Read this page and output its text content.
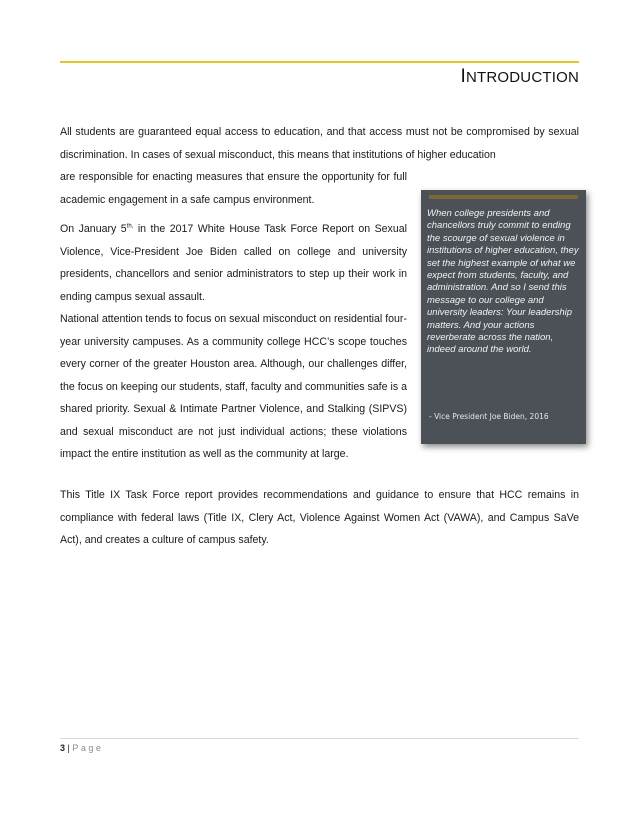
INTRODUCTION

All students are guaranteed equal access to education, and that access must not be compromised by sexual discrimination. In cases of sexual misconduct, this means that institutions of higher education

are responsible for enacting measures that ensure the opportunity for full academic engagement in a safe campus environment.

On January $5^{th,}$ in the 2017 White House Task Force Report on Sexual Violence, Vice-President Joe Biden called on college and university presidents, chancellors and senior administrators to step up their work in ending campus sexual assault.

National attention tends to focus on sexual misconduct on residential four-year university campuses. As a community college HCC’s scope touches every corner of the greater Houston area. Although, our challenges differ, the focus on keeping our students, staff, faculty and communities safe is a shared priority. Sexual & Intimate Partner Violence, and Stalking (SIPVS) and sexual misconduct are not just individual actions; these violations impact the entire institution as well as the community at large.

This Title IX Task Force report provides recommendations and guidance to ensure that HCC remains in compliance with federal laws (Title IX, Clery Act, Violence Against Women Act (VAWA), and Campus SaVe Act), and creates a culture of campus safety.

When college presidents and chancellors truly commit to ending the scourge of sexual violence in institutions of higher education, they set the highest example of what we expect from students, faculty, and administration. And so I send this message to our college and university leaders: Your leadership matters. And your actions reverberate across the nation, indeed around the world.

- Vice President Joe Biden, 2016

3 | Page
